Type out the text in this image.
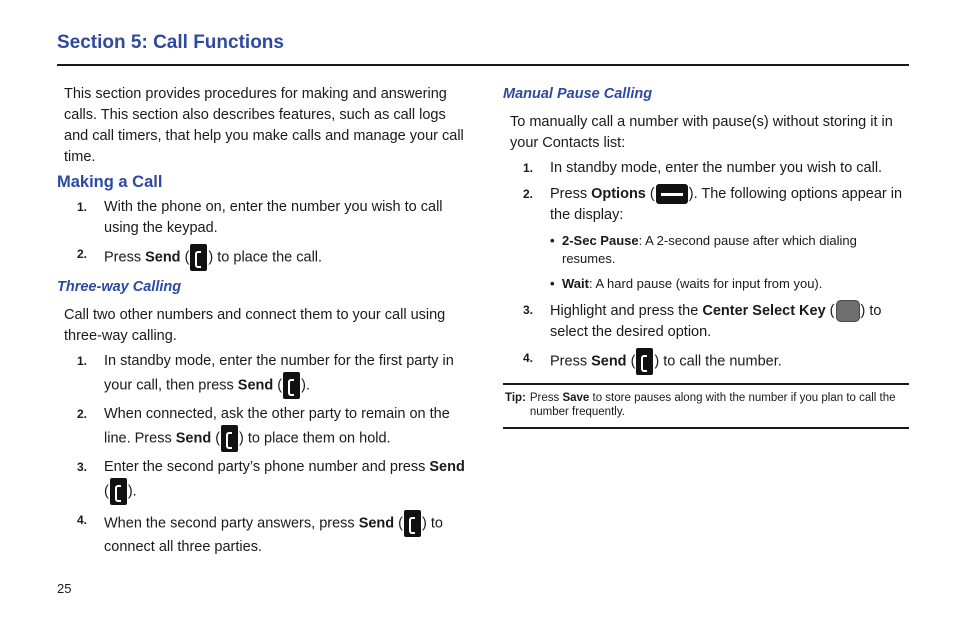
Section 5: Call Functions

This section provides procedures for making and answering calls. This section also describes features, such as call logs and call timers, that help you make calls and manage your call time.

Making a Call
1. With the phone on, enter the number you wish to call using the keypad.
2. Press Send ( ) to place the call.
Three-way Calling

Call two other numbers and connect them to your call using three-way calling.

1. In standby mode, enter the number for the first party in your call, then press Send ( ).
2. When connected, ask the other party to remain on the line. Press Send ( ) to place them on hold.
3. Enter the second party’s phone number and press Send
( ).
4. When the second party answers, press Send ( ) to connect all three parties.
Manual Pause Calling

To manually call a number with pause(s) without storing it in your Contacts list:

1. In standby mode, enter the number you wish to call.
2. Press Options ( ). The following options appear in the display:
• 2-Sec Pause: A 2-second pause after which dialing resumes.
• Wait: A hard pause (waits for input from you).
3. Highlight and press the Center Select Key ( ) to select the desired option.
4. Press Send ( ) to call the number.
Tip: Press Save to store pauses along with the number if you plan to call the number frequently.
25
